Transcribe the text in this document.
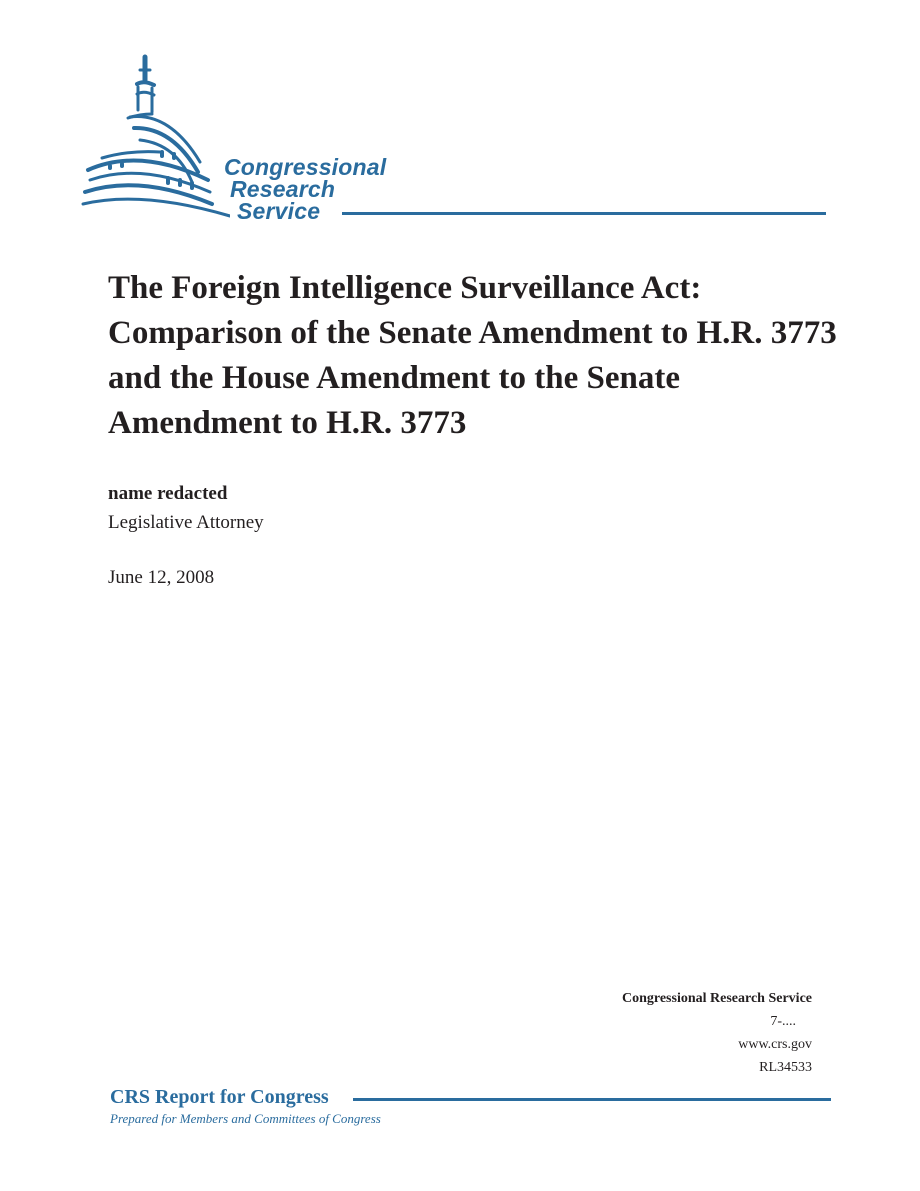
Congressional
Research
Service
The Foreign Intelligence Surveillance Act: Comparison of the Senate Amendment to H.R. 3773 and the House Amendment to the Senate Amendment to H.R. 3773
name redacted
Legislative Attorney
June 12, 2008
Congressional Research Service
7-....
www.crs.gov
RL34533
CRS Report for Congress
Prepared for Members and Committees of Congress
